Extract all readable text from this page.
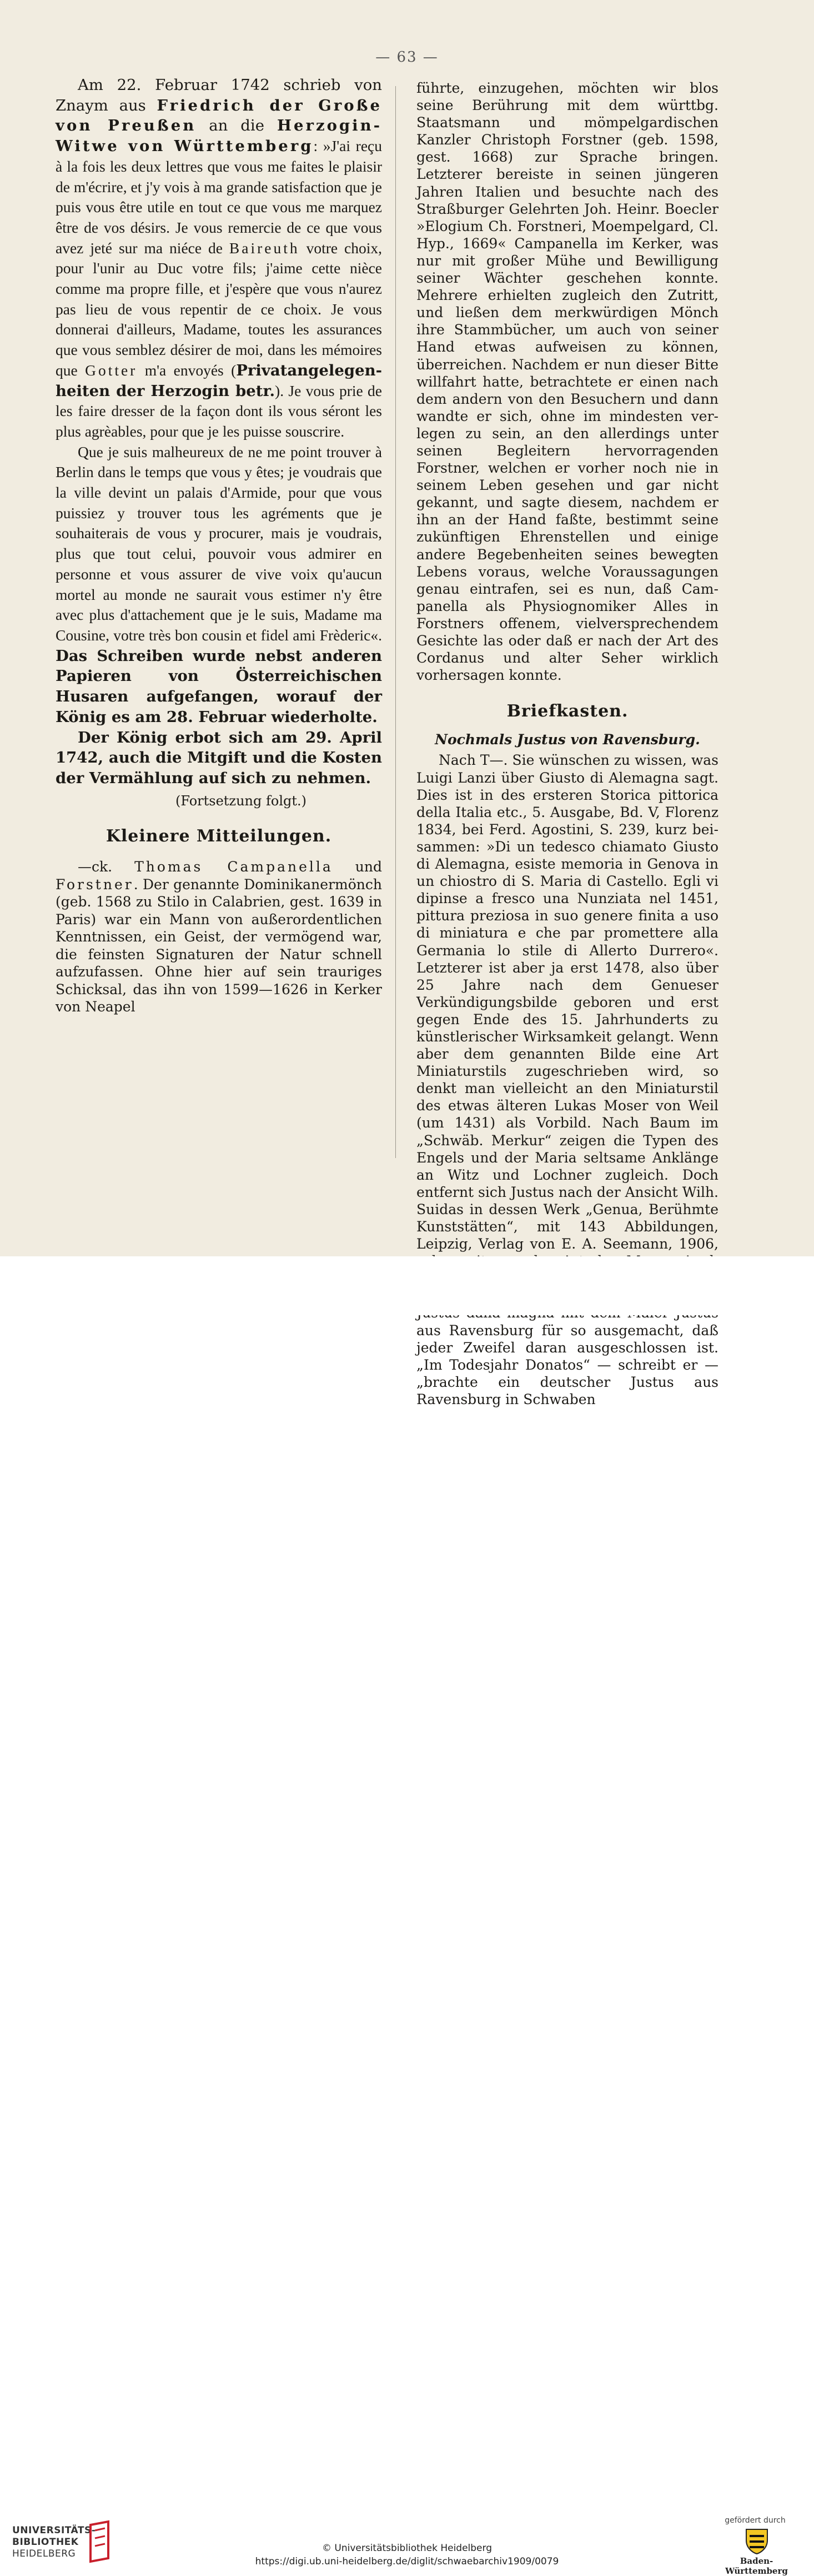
— 63 —

Am 22. Februar 1742 schrieb von Znaym aus Friedrich der Große von Preußen an die Herzogin-Witwe von Württemberg: »J'ai reçu à la fois les deux lettres que vous me faites le plaisir de m'écrire, et j'y vois à ma grande satisfaction que je puis vous être utile en tout ce que vous me marquez être de vos désirs. Je vous remercie de ce que vous avez jeté sur ma niéce de Baireuth votre choix, pour l'unir au Duc votre fils; j'aime cette nièce comme ma propre fille, et j'espère que vous n'aurez pas lieu de vous repentir de ce choix. Je vous donnerai d'ailleurs, Madame, toutes les assurances que vous semblez désirer de moi, dans les mémoires que Gotter m'a envoyés (Privatangelegenheiten der Herzogin betr.). Je vous prie de les faire dresser de la façon dont ils vous séront les plus agrèables, pour que je les puisse souscrire.

Que je suis malheureux de ne me point trouver à Berlin dans le temps que vous y êtes; je voudrais que la ville devint un palais d'Armide, pour que vous puissiez y trouver tous les agréments que je souhaiterais de vous y procurer, mais je voudrais, plus que tout celui, pouvoir vous admirer en personne et vous assurer de vive voix qu'aucun mortel au monde ne saurait vous estimer n'y être avec plus d'attachement que je le suis, Madame ma Cousine, votre très bon cousin et fidel ami Frèderic«. Das Schreiben wurde nebst anderen Papieren von Österreichischen Husaren aufgefangen, worauf der König es am 28. Februar wiederholte.

Der König erbot sich am 29. April 1742, auch die Mitgift und die Kosten der Vermählung auf sich zu nehmen.

(Fortsetzung folgt.)

Kleinere Mitteilungen.

—ck. Thomas Campanella und Forstner. Der genannte Dominikanermönch (geb. 1568 zu Stilo in Calabrien, gest. 1639 in Paris) war ein Mann von außerordentlichen Kenntnissen, ein Geist, der vermögend war, die feinsten Signaturen der Natur schnell aufzufassen. Ohne hier auf sein trauriges Schicksal, das ihn von 1599—1626 in Kerker von Neapel

führte, einzugehen, möchten wir blos seine Berührung mit dem württbg. Staatsmann und mömpelgardischen Kanzler Christoph Forstner (geb. 1598, gest. 1668) zur Sprache bringen. Letzterer bereiste in seinen jüngeren Jahren Italien und besuchte nach des Straßburger Gelehrten Joh. Heinr. Boecler »Elogium Ch. Forstneri, Moempelgard, Cl. Hyp., 1669« Campanella im Kerker, was nur mit großer Mühe und Bewilligung seiner Wächter geschehen konnte. Mehrere erhielten zugleich den Zutritt, und ließen dem merkwürdigen Mönch ihre Stammbücher, um auch von seiner Hand etwas aufweisen zu können, überreichen. Nachdem er nun dieser Bitte willfahrt hatte, betrachtete er einen nach dem andern von den Besuchern und dann wandte er sich, ohne im mindesten verlegen zu sein, an den allerdings unter seinen Begleitern hervorragenden Forstner, welchen er vorher noch nie in seinem Leben gesehen und gar nicht gekannt, und sagte diesem, nachdem er ihn an der Hand faßte, bestimmt seine zukünftigen Ehrenstellen und einige andere Begebenheiten seines bewegten Lebens voraus, welche Voraussagungen genau eintrafen, sei es nun, daß Campanella als Physiognomiker Alles in Forstners offenem, vielversprechendem Gesichte las oder daß er nach der Art des Cordanus und alter Seher wirklich vorhersagen konnte.

Briefkasten.
Nochmals Justus von Ravensburg.

Nach T—. Sie wünschen zu wissen, was Luigi Lanzi über Giusto di Alemagna sagt. Dies ist in des ersteren Storica pittorica della Italia etc., 5. Ausgabe, Bd. V, Florenz 1834, bei Ferd. Agostini, S. 239, kurz beisammen: »Di un tedesco chiamato Giusto di Alemagna, esiste memoria in Genova in un chiostro di S. Maria di Castello. Egli vi dipinse a fresco una Nunziata nel 1451, pittura preziosa in suo genere finita a uso di miniatura e che par promettere alla Germania lo stile di Allerto Durrero«. Letzterer ist aber ja erst 1478, also über 25 Jahre nach dem Genueser Verkündigungsbilde geboren und erst gegen Ende des 15. Jahrhunderts zu künstlerischer Wirksamkeit gelangt. Wenn aber dem genannten Bilde eine Art Miniaturstils zugeschrieben wird, so denkt man vielleicht an den Miniaturstil des etwas älteren Lukas Moser von Weil (um 1431) als Vorbild. Nach Baum im „Schwäb. Merkur“ zeigen die Typen des Engels und der Maria seltsame Anklänge an Witz und Lochner zugleich. Doch entfernt sich Justus nach der Ansicht Wilh. Suidas in dessen Werk „Genua, Berühmte Kunststätten“, mit 143 Abbildungen, Leipzig, Verlag von E. A. Seemann, 1906, aus Ravensburg für so ausgemacht, daß jeder Zweifel daran ausgeschlossen ist. „Im Todesjahr Donatos“ — schreibt er — „brachte ein deutscher Justus aus Ravensburg in Schwaben

UNIVERSITÄTS-
BIBLIOTHEK
HEIDELBERG	© Universitätsbibliothek Heidelberg
https://digi.ub.uni-heidelberg.de/diglit/schwaebarchiv1909/0079
gefördert durch
Baden-Württemberg
